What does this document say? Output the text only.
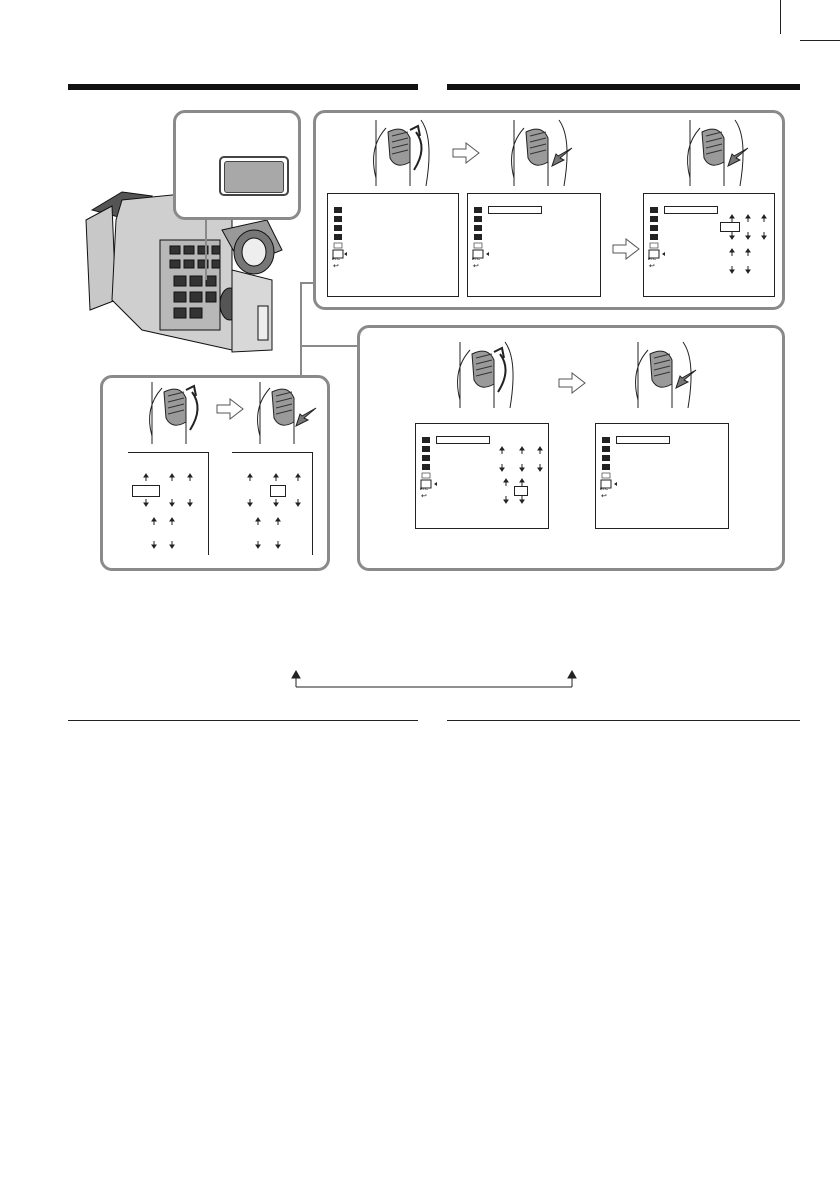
ETC
↩
ETC
↩
ETC
↩
ETC
↩
ETC
↩
